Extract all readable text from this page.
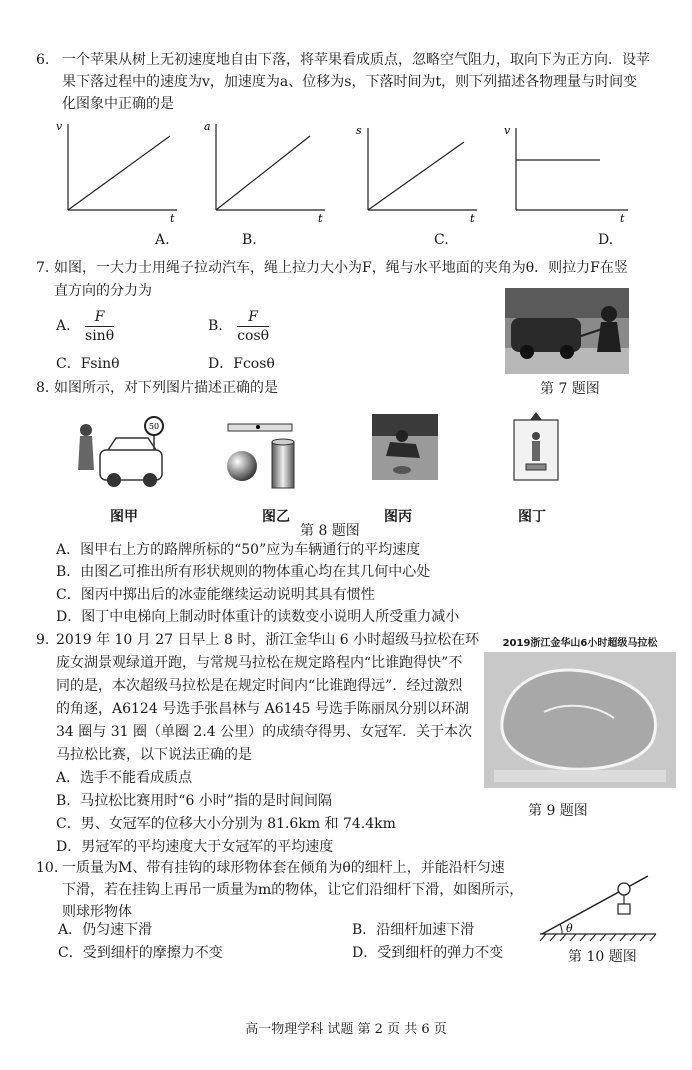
6. 一个苹果从树上无初速度地自由下落，将苹果看成质点，忽略空气阻力，取向下为正方向．设苹
果下落过程中的速度为v，加速度为a、位移为s，下落时间为t，则下列描述各物理量与时间变
化图象中正确的是
v
t
A.
a
t
B.
s
t
C.
v
t
D.
7. 如图，一大力士用绳子拉动汽车，绳上拉力大小为F，绳与水平地面的夹角为θ．则拉力F在竖
直方向的分力为
A. $\frac{F}{\sin\theta}$	B. $\frac{F}{\cos\theta}$
C．Fsinθ	D．Fcosθ
第 7 题图
8. 如图所示，对下列图片描述正确的是
50
图甲	图乙	图丙	图丁
第 8 题图
A．图甲右上方的路牌所标的“50”应为车辆通行的平均速度
B．由图乙可推出所有形状规则的物体重心均在其几何中心处
C．图丙中掷出后的冰壶能继续运动说明其具有惯性
D．图丁中电梯向上制动时体重计的读数变小说明人所受重力减小
9. 2019 年 10 月 27 日早上 8 时，浙江金华山 6 小时超级马拉松在环
庞女湖景观绿道开跑，与常规马拉松在规定路程内“比谁跑得快”不
同的是，本次超级马拉松是在规定时间内“比谁跑得远”．经过激烈
的角逐，A6124 号选手张昌林与 A6145 号选手陈丽凤分别以环湖
34 圈与 31 圈（单圈 2.4 公里）的成绩夺得男、女冠军．关于本次
马拉松比赛，以下说法正确的是
A．选手不能看成质点
B．马拉松比赛用时“6 小时”指的是时间间隔
C．男、女冠军的位移大小分别为 81.6km 和 74.4km
D．男冠军的平均速度大于女冠军的平均速度
2019浙江金华山6小时超级马拉松
第 9 题图
10. 一质量为M、带有挂钩的球形物体套在倾角为θ的细杆上，并能沿杆匀速
下滑，若在挂钩上再吊一质量为m的物体，让它们沿细杆下滑，如图所示，
则球形物体
A．仍匀速下滑	B．沿细杆加速下滑
C．受到细杆的摩擦力不变	D．受到细杆的弹力不变
θ
第 10 题图
高一物理学科 试题 第 2 页 共 6 页
